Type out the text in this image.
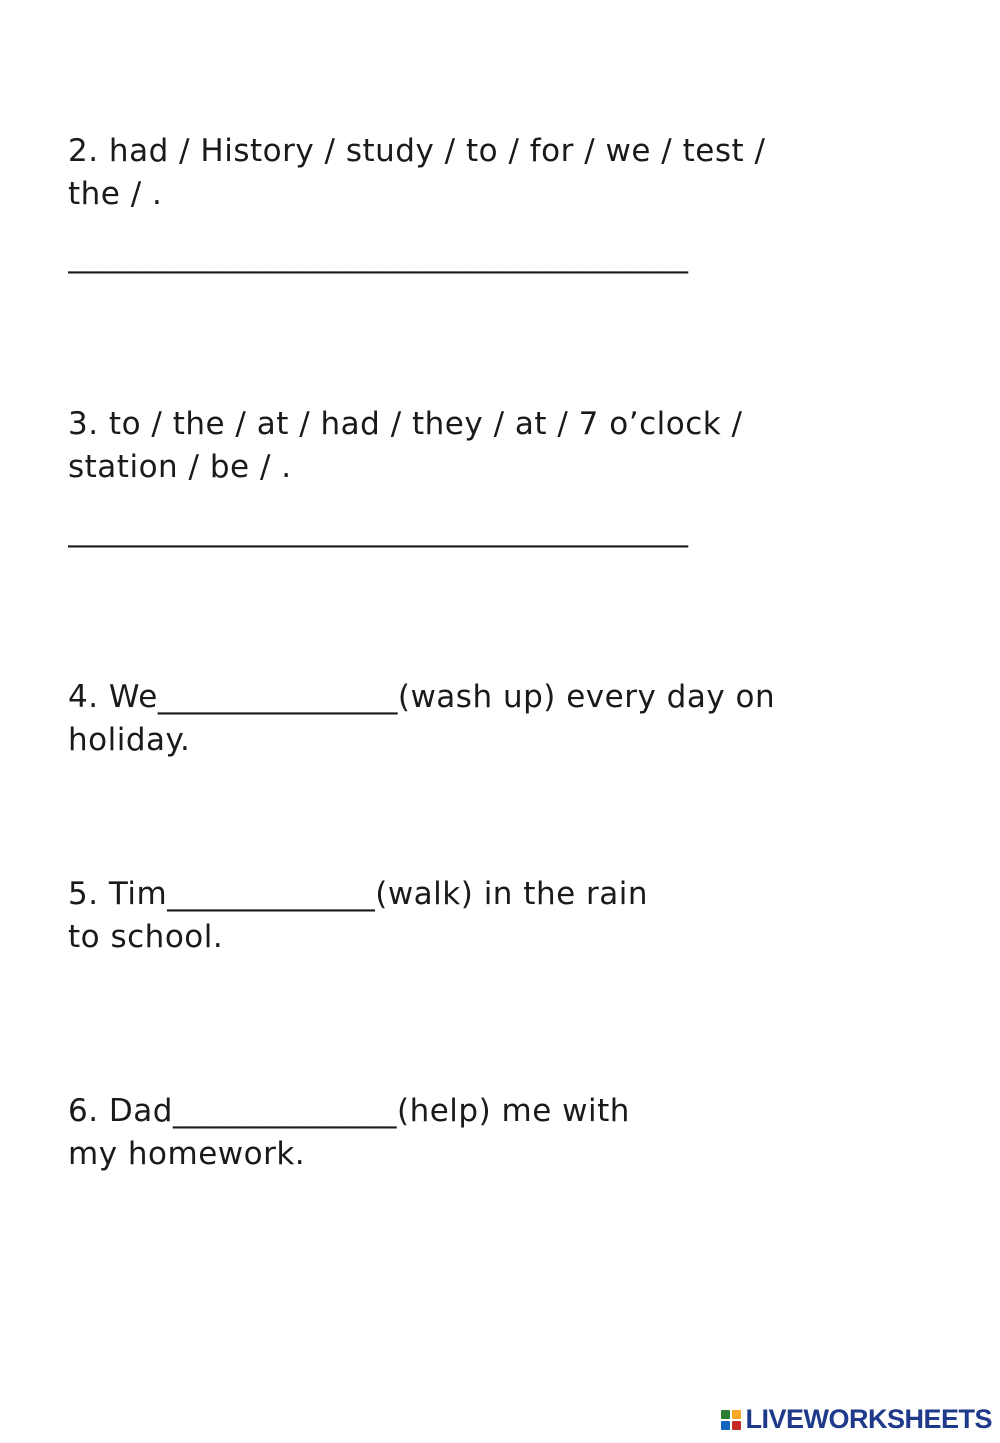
2. had / History / study / to / for / we / test /
the / .
________________________________________
3. to / the / at / had / they / at / 7 o’clock /
station / be / .
________________________________________
4. We_______________(wash up) every day on
holiday.
5. Tim_____________(walk) in the rain
to school.
6. Dad______________(help) me with
my homework.
LIVEWORKSHEETS
